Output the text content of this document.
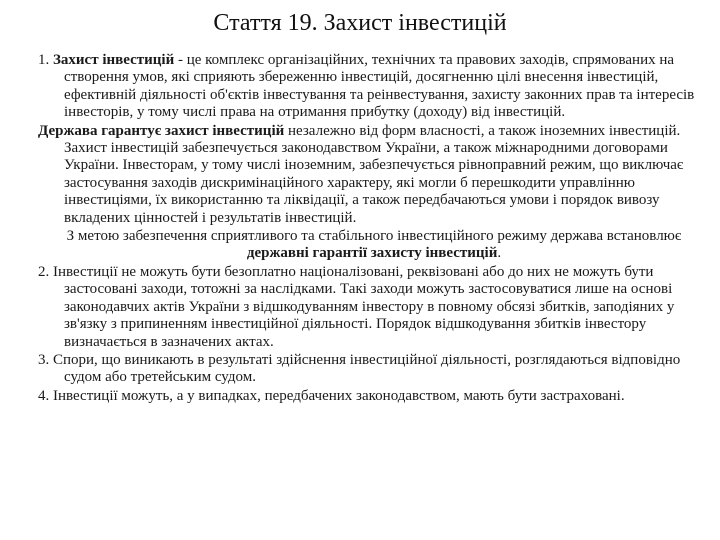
Стаття 19. Захист інвестицій

1. Захист інвестицій - це комплекс організаційних, технічних та правових заходів, спрямованих на створення умов, які сприяють збереженню інвестицій, досягненню цілі внесення інвестицій, ефективній діяльності об'єктів інвестування та реінвестування, захисту законних прав та інтересів інвесторів, у тому числі права на отримання прибутку (доходу) від інвестицій.

Держава гарантує захист інвестицій незалежно від форм власності, а також іноземних інвестицій. Захист інвестицій забезпечується законодавством України, а також міжнародними договорами України. Інвесторам, у тому числі іноземним, забезпечується рівноправний режим, що виключає застосування заходів дискримінаційного характеру, які могли б перешкодити управлінню інвестиціями, їх використанню та ліквідації, а також передбачаються умови і порядок вивозу вкладених цінностей і результатів інвестицій.

З метою забезпечення сприятливого та стабільного інвестиційного режиму держава встановлює державні гарантії захисту інвестицій.

2. Інвестиції не можуть бути безоплатно націоналізовані, реквізовані або до них не можуть бути застосовані заходи, тотожні за наслідками. Такі заходи можуть застосовуватися лише на основі законодавчих актів України з відшкодуванням інвестору в повному обсязі збитків, заподіяних у зв'язку з припиненням інвестиційної діяльності. Порядок відшкодування збитків інвестору визначається в зазначених актах.

3. Спори, що виникають в результаті здійснення інвестиційної діяльності, розглядаються відповідно судом або третейським судом.

4. Інвестиції можуть, а у випадках, передбачених законодавством, мають бути застраховані.
